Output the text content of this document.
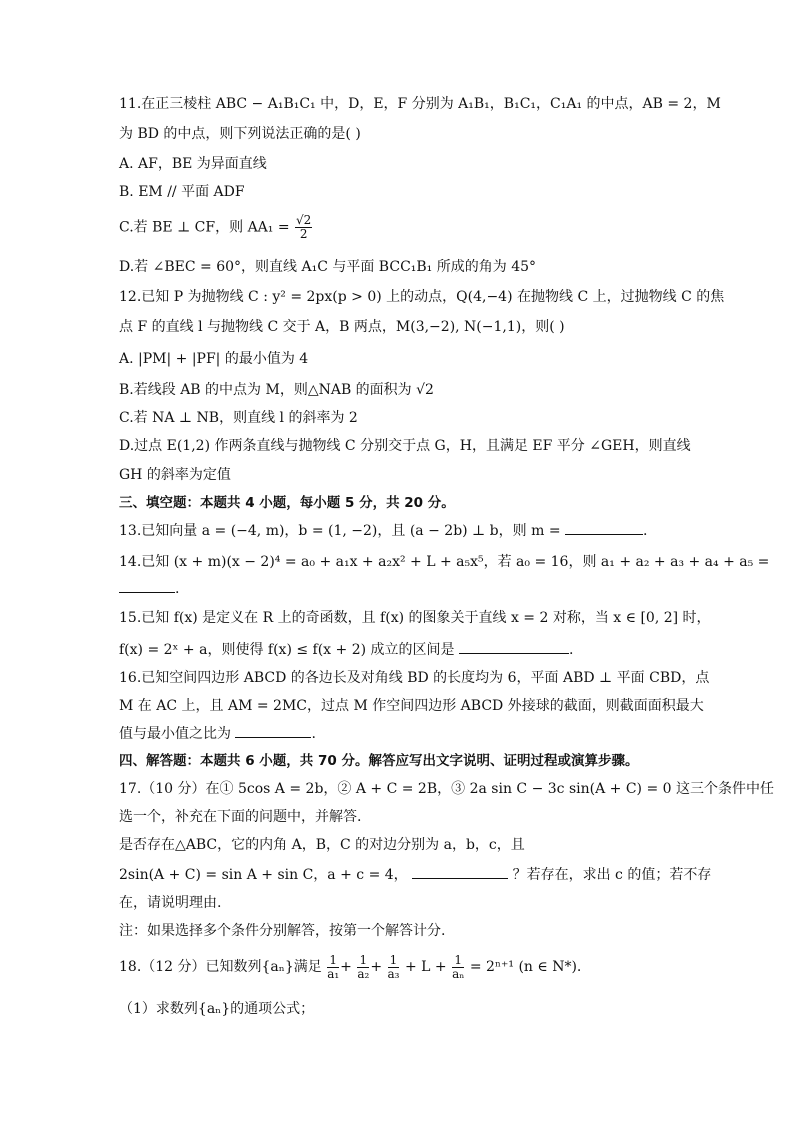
11.在正三棱柱 ABC − A₁B₁C₁ 中，D，E，F 分别为 A₁B₁，B₁C₁，C₁A₁ 的中点，AB = 2，M
为 BD 的中点，则下列说法正确的是( )
A. AF，BE 为异面直线
B. EM // 平面 ADF
C.若 BE ⊥ CF，则 $AA_1 = \frac{√2}{2}$
D.若 ∠BEC = 60°，则直线 A₁C 与平面 BCC₁B₁ 所成的角为 45°
12.已知 P 为抛物线 C : y² = 2px(p > 0) 上的动点，Q(4,−4) 在抛物线 C 上，过抛物线 C 的焦
点 F 的直线 l 与抛物线 C 交于 A，B 两点，M(3,−2), N(−1,1)，则( )
A. |PM| + |PF| 的最小值为 4
B.若线段 AB 的中点为 M，则△NAB 的面积为 √2
C.若 NA ⊥ NB，则直线 l 的斜率为 2
D.过点 E(1,2) 作两条直线与抛物线 C 分别交于点 G，H，且满足 EF 平分 ∠GEH，则直线
GH 的斜率为定值
三、填空题：本题共 4 小题，每小题 5 分，共 20 分。
13.已知向量 a = (−4, m)，b = (1, −2)，且 (a − 2b) ⊥ b，则 m =	.
14.已知 (x + m)(x − 2)⁴ = a₀ + a₁x + a₂x² + L + a₅x⁵，若 a₀ = 16，则 a₁ + a₂ + a₃ + a₄ + a₅ =
.
15.已知 f(x) 是定义在 R 上的奇函数，且 f(x) 的图象关于直线 x = 2 对称，当 x ∈ [0, 2] 时，
f(x) = 2ˣ + a，则使得 f(x) ≤ f(x + 2) 成立的区间是	.
16.已知空间四边形 ABCD 的各边长及对角线 BD 的长度均为 6，平面 ABD ⊥ 平面 CBD，点
M 在 AC 上，且 AM = 2MC，过点 M 作空间四边形 ABCD 外接球的截面，则截面面积最大
值与最小值之比为	.
四、解答题：本题共 6 小题，共 70 分。解答应写出文字说明、证明过程或演算步骤。
17.（10 分）在① 5cos A = 2b，② A + C = 2B，③ 2a sin C − 3c sin(A + C) = 0 这三个条件中任
选一个，补充在下面的问题中，并解答.
是否存在△ABC，它的内角 A，B，C 的对边分别为 a，b，c，且
2sin(A + C) = sin A + sin C，a + c = 4，	？若存在，求出 c 的值；若不存
在，请说明理由.
注：如果选择多个条件分别解答，按第一个解答计分.
18.（12 分）已知数列{aₙ}满足 $\frac{1}{\text{a₁}} + \frac{1}{\text{a₂}} + \frac{1}{\text{a₃}} + L + \frac{1}{\text{aₙ}} = 2^{n+1}$ (n ∈ N*).
（1）求数列{aₙ}的通项公式；
